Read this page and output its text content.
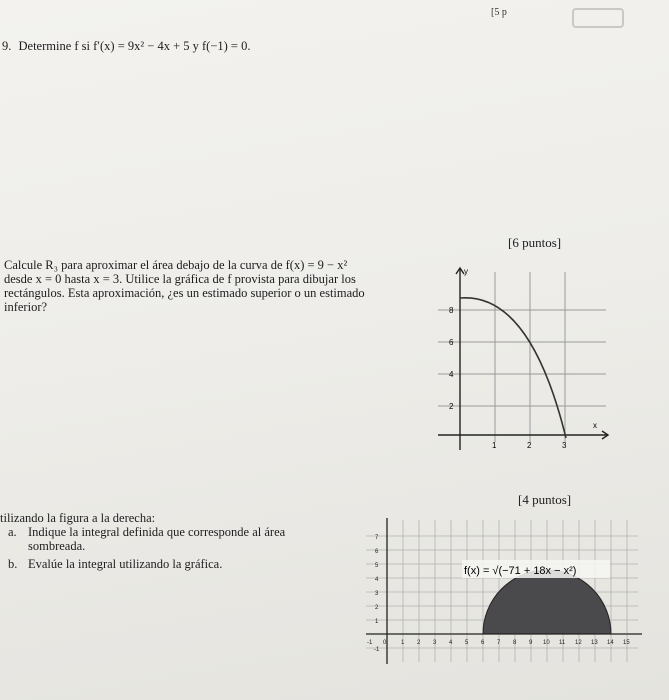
[5 p
9. Determine f si f′(x) = 9x² − 4x + 5 y f(−1) = 0.
[6 puntos]
Calcule R₃ para aproximar el área debajo de la curva de f(x) = 9 − x²
desde x = 0 hasta x = 3. Utilice la gráfica de f provista para dibujar los
rectángulos. Esta aproximación, ¿es un estimado superior o un estimado
inferior?
y
x
8
6
4
2
1	2	3
[4 puntos]
tilizando la figura a la derecha:
a. Indique la integral definida que corresponde al área
sombreada.
b. Evalúe la integral utilizando la gráfica.	f(x) = √(−71 + 18x − x²)
7
6
5
4
3
2
1
-1
-1 0 1 2 3 4 5 6 7 8 9 10 11 12 13 14 15
